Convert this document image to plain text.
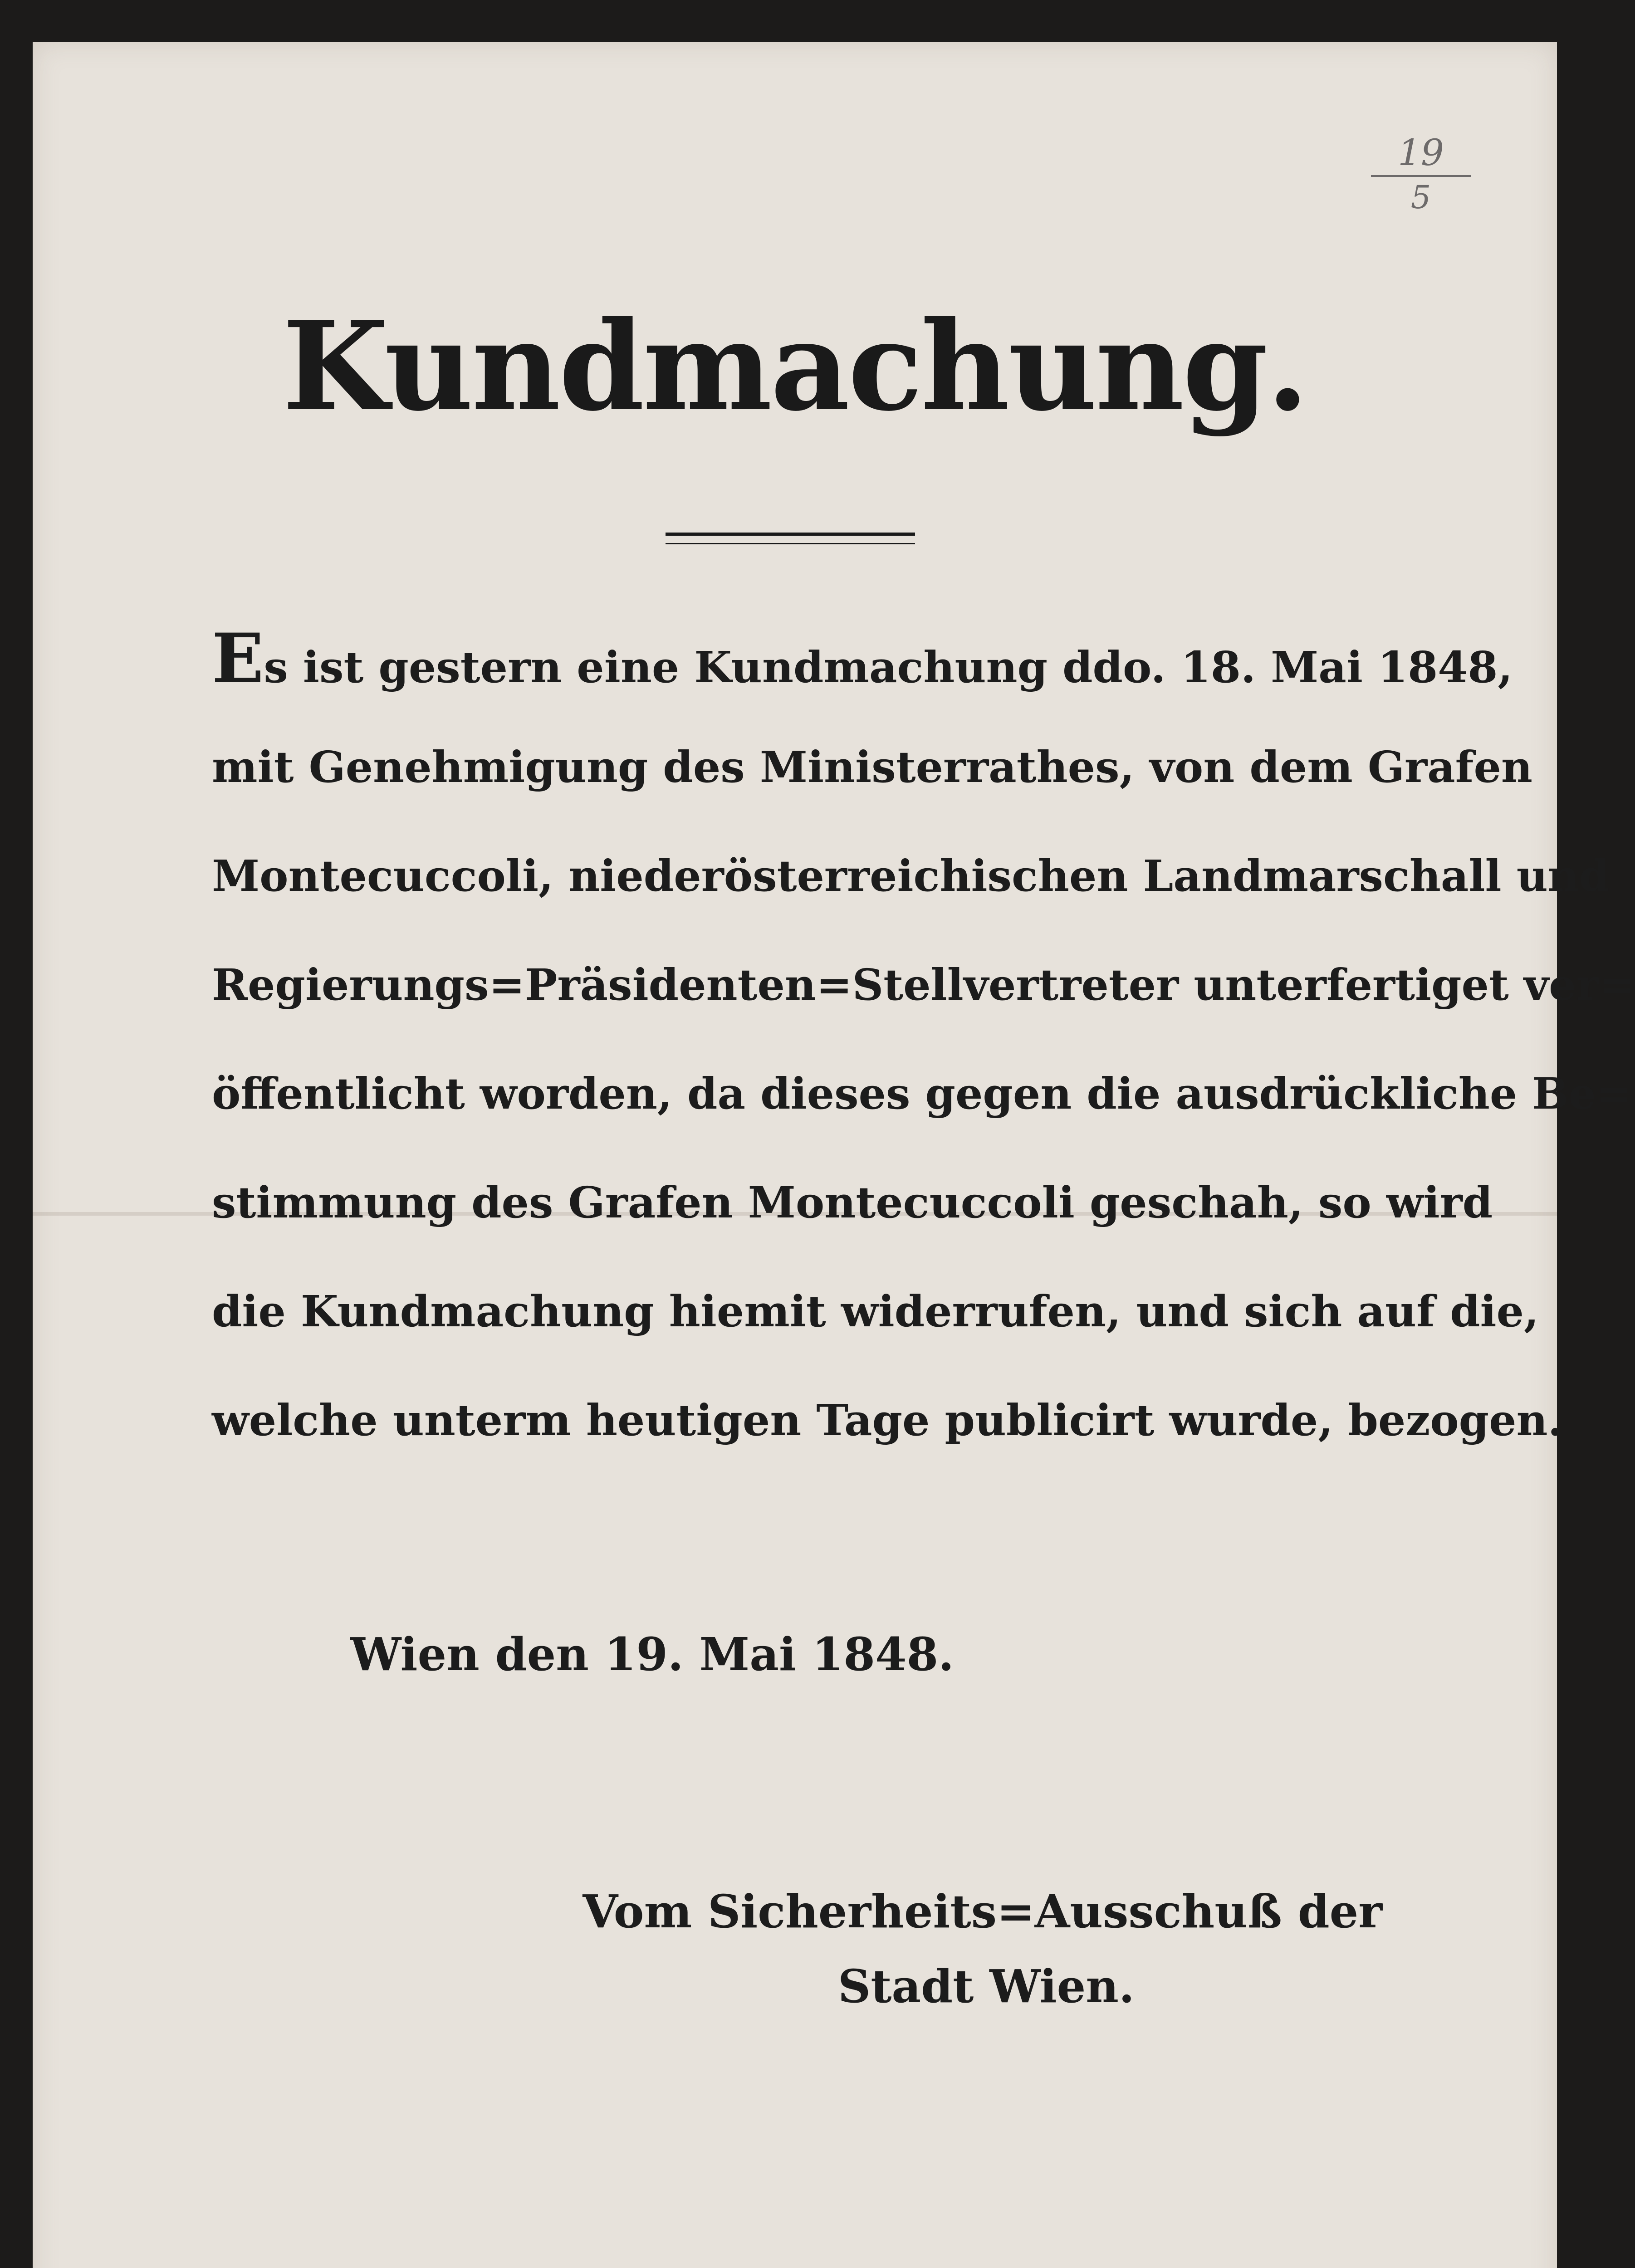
19
5
Kundmachung.
Es ist gestern eine Kundmachung ddo. 18. Mai 1848,
mit Genehmigung des Ministerrathes, von dem Grafen
Montecuccoli, niederösterreichischen Landmarschall und
Regierungs=Präsidenten=Stellvertreter unterfertiget ver=
öffentlicht worden, da dieses gegen die ausdrückliche Be=
stimmung des Grafen Montecuccoli geschah, so wird
die Kundmachung hiemit widerrufen, und sich auf die,
welche unterm heutigen Tage publicirt wurde, bezogen.
Wien den 19. Mai 1848.
Vom Sicherheits=Ausschuß der
Stadt Wien.
